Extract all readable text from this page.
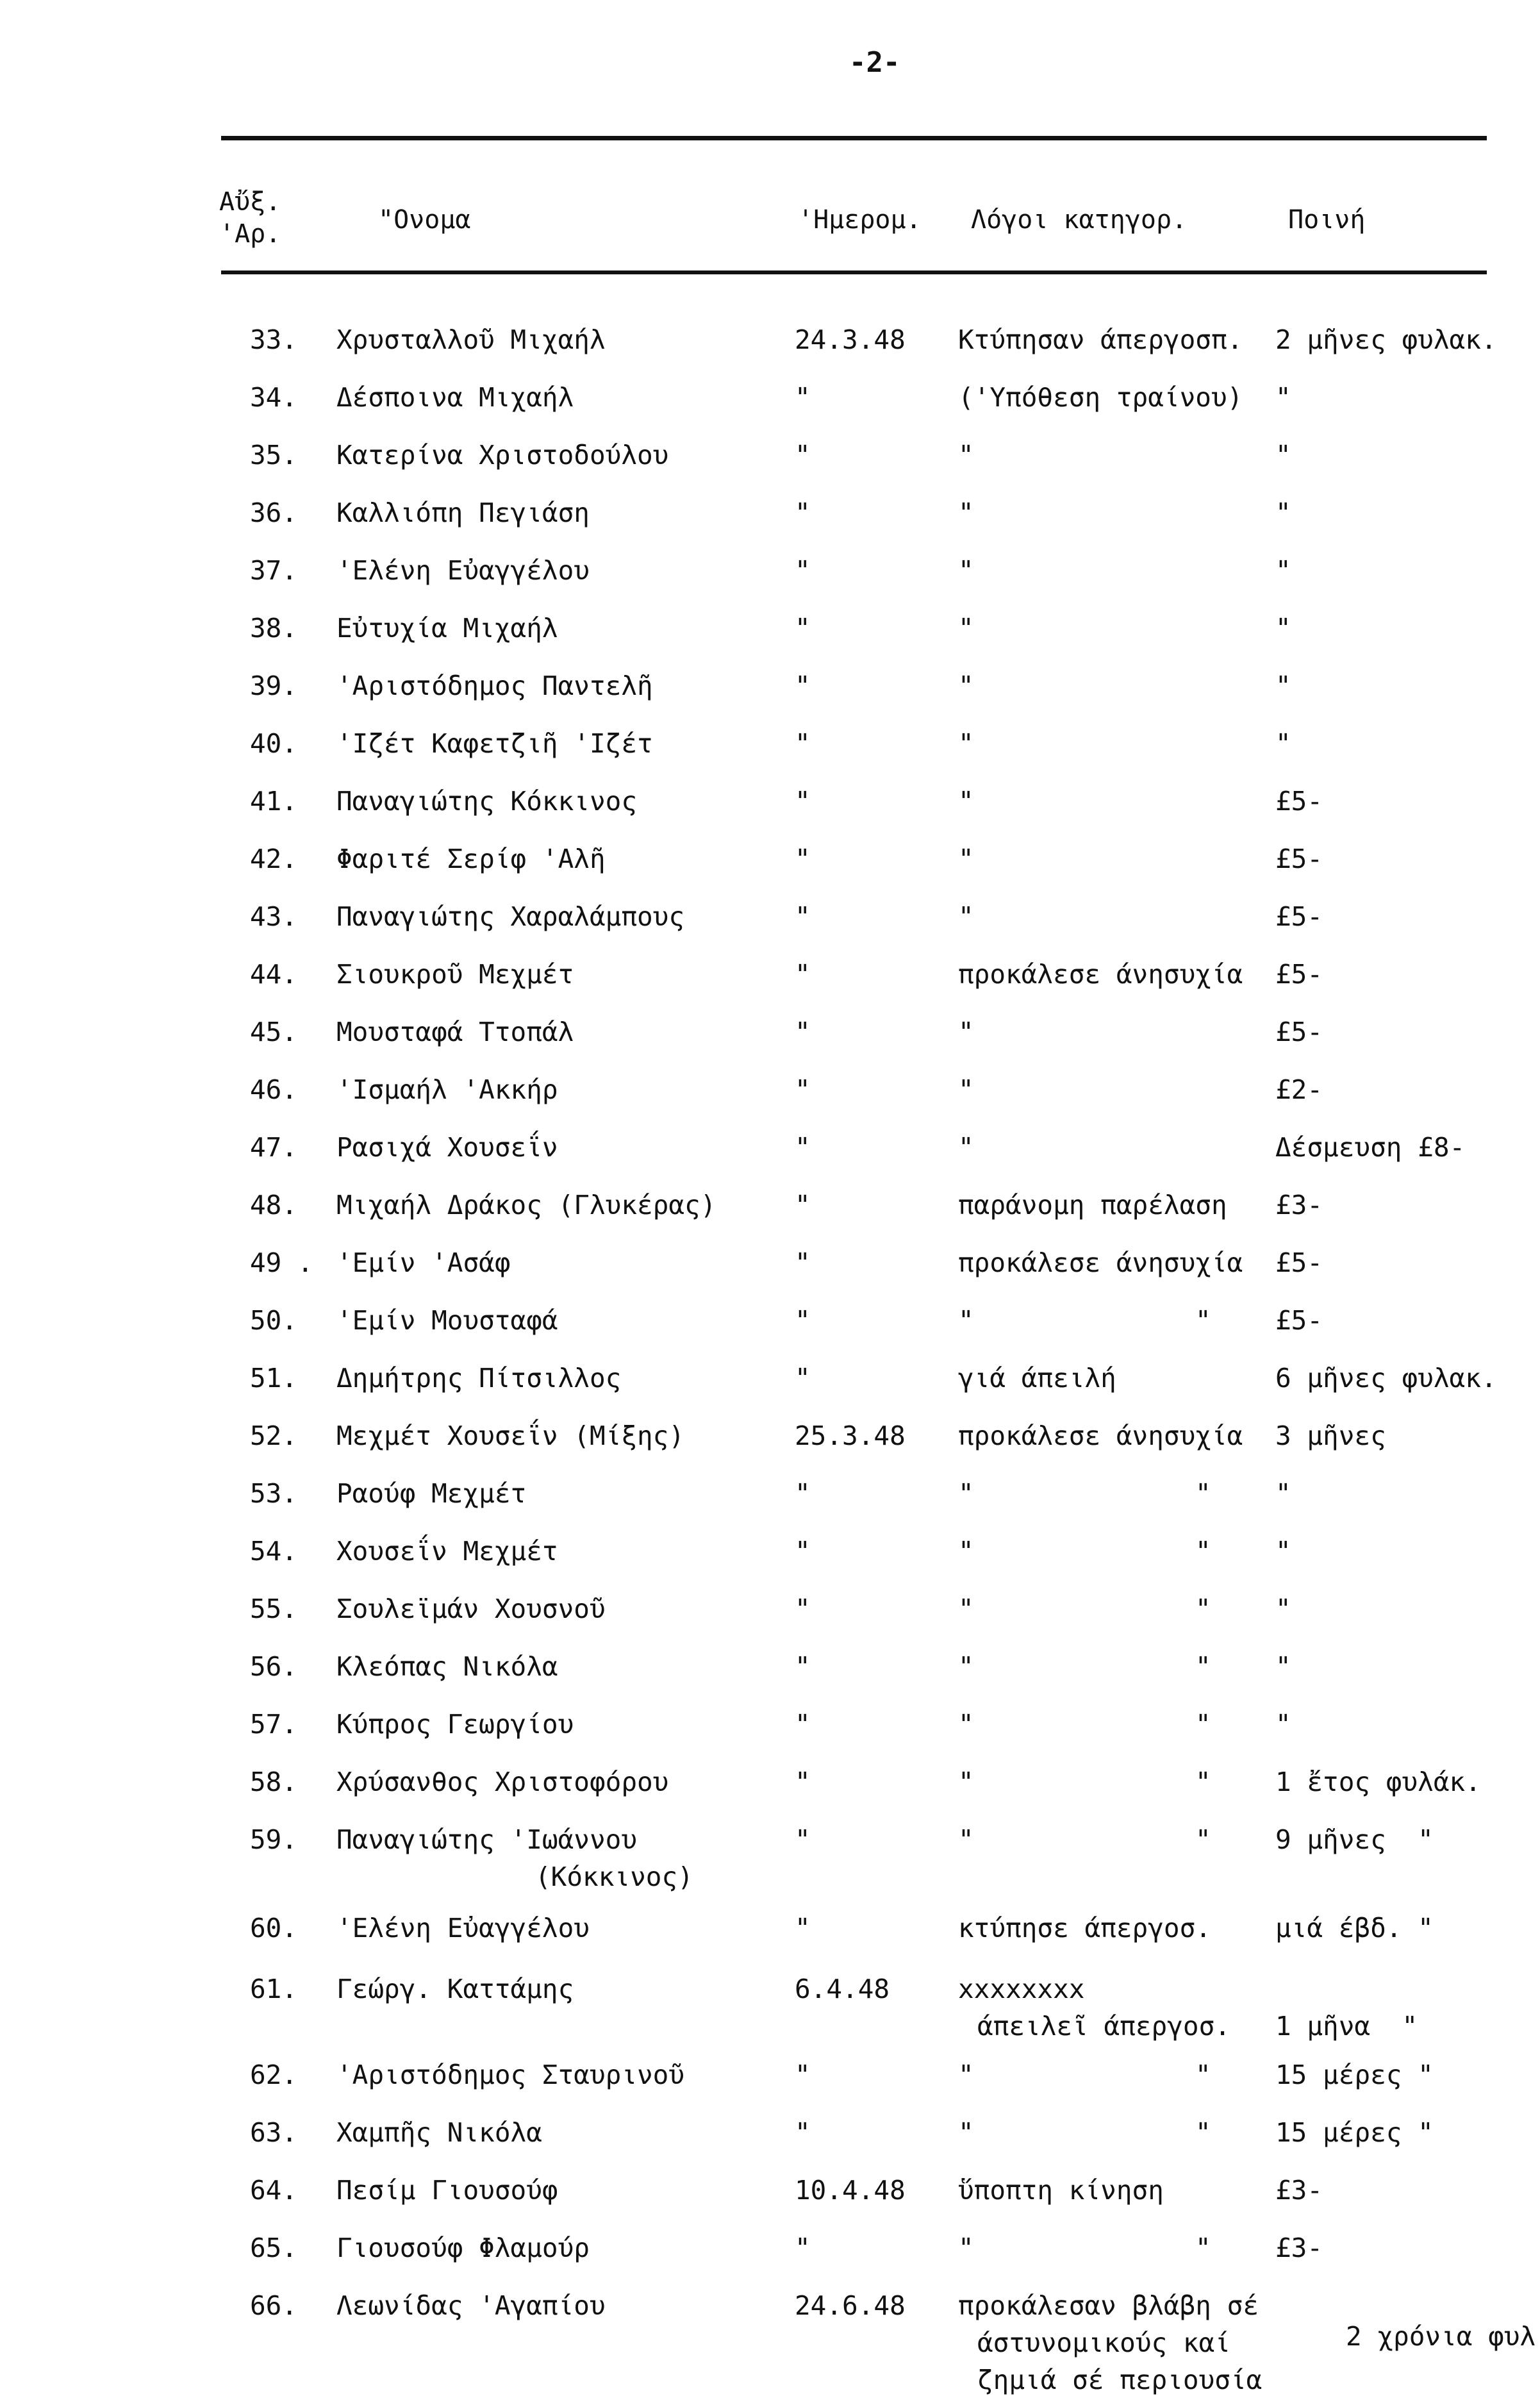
-2-
Αὔξ.
'Αρ.	"Ονομα	'Ημερομ. Λόγοι κατηγορ.	Ποινή
33. Χρυσταλλοῦ Μιχαήλ	24.3.48 Κτύπησαν άπεργοσπ. 2 μῆνες φυλακ.
34. Δέσποινα Μιχαήλ	"	('Υπόθεση τραίνου) "
35. Κατερίνα Χριστοδούλου	"	"	"
36. Καλλιόπη Πεγιάση	"	"	"
37. 'Ελένη Εὐαγγέλου	"	"	"
38. Εὐτυχία Μιχαήλ	"	"	"
39. 'Αριστόδημος Παντελῆ	"	"	"
40. 'Ιζέτ Καφετζιῆ 'Ιζέτ	"	"	"
41. Παναγιώτης Κόκκινος	"	"	£5-
42. Φαριτέ Σερίφ 'Αλῆ	"	"	£5-
43. Παναγιώτης Χαραλάμπους	"	"	£5-
44. Σιουκροῦ Μεχμέτ	"	προκάλεσε άνησυχία £5-
45. Μουσταφά Ττοπάλ	"	"	£5-
46. 'Ισμαήλ 'Ακκήρ	"	"	£2-
47. Ρασιχά Χουσεΐν	"	"	Δέσμευση £8-
48. Μιχαήλ Δράκος (Γλυκέρας)	"	παράνομη παρέλαση £3-
49 . 'Εμίν 'Ασάφ	"	προκάλεσε άνησυχία £5-
50. 'Εμίν Μουσταφά	"	"	" £5-
51. Δημήτρης Πίτσιλλος	"	γιά άπειλή	6 μῆνες φυλακ.
52. Μεχμέτ Χουσεΐν (Μίξης)	25.3.48 προκάλεσε άνησυχία 3 μῆνες
53. Ραούφ Μεχμέτ	"	"	" "
54. Χουσεΐν Μεχμέτ	"	"	" "
55. Σουλεϊμάν Χουσνοῦ	"	"	" "
56. Κλεόπας Νικόλα	"	"	" "
57. Κύπρος Γεωργίου	"	"	" "
58. Χρύσανθος Χριστοφόρου	"	"	" 1 ἔτος φυλάκ.
59. Παναγιώτης 'Ιωάννου
(Κόκκινος)
"	"	" 9 μῆνες  "
60. 'Ελένη Εὐαγγέλου	"	κτύπησε άπεργοσ. μιά έβδ. "
61. Γεώργ. Καττάμης	6.4.48	xxxxxxxx
άπειλεῖ άπεργοσ. 1 μῆνα  "
62. 'Αριστόδημος Σταυρινοῦ	"	"	" 15 μέρες "
63. Χαμπῆς Νικόλα	"	"	" 15 μέρες "
64. Πεσίμ Γιουσούφ	10.4.48 ὕποπτη κίνηση	£3-
65. Γιουσούφ Φλαμούρ	"	"	" £3-
66. Λεωνίδας 'Αγαπίου	24.6.48 προκάλεσαν βλάβη σέ
άστυνομικούς καί
ζημιά σέ περιουσία
2 χρόνια φυλ
